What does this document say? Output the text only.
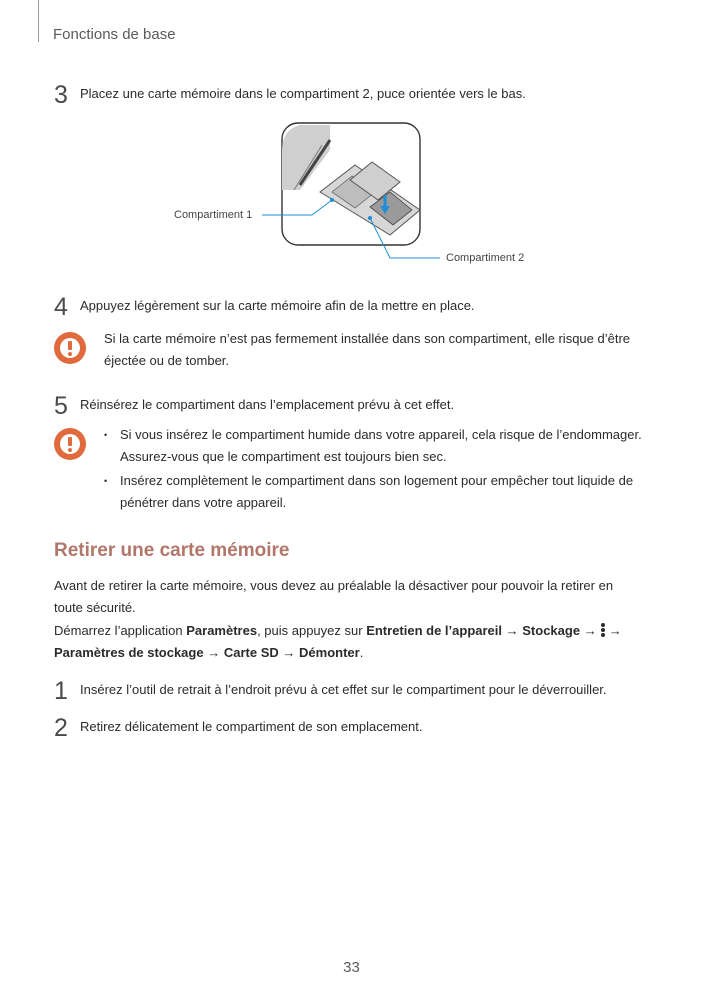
Fonctions de base
3 Placez une carte mémoire dans le compartiment 2, puce orientée vers le bas.
Compartiment 1
Compartiment 2
4 Appuyez légèrement sur la carte mémoire afin de la mettre en place.
Si la carte mémoire n’est pas fermement installée dans son compartiment, elle risque d’être éjectée ou de tomber.
5 Réinsérez le compartiment dans l’emplacement prévu à cet effet.
• Si vous insérez le compartiment humide dans votre appareil, cela risque de l’endommager. Assurez-vous que le compartiment est toujours bien sec.
• Insérez complètement le compartiment dans son logement pour empêcher tout liquide de pénétrer dans votre appareil.
Retirer une carte mémoire
Avant de retirer la carte mémoire, vous devez au préalable la désactiver pour pouvoir la retirer en toute sécurité.
Démarrez l’application Paramètres, puis appuyez sur Entretien de l’appareil → Stockage → → Paramètres de stockage → Carte SD → Démonter.
1 Insérez l’outil de retrait à l’endroit prévu à cet effet sur le compartiment pour le déverrouiller.
2 Retirez délicatement le compartiment de son emplacement.
33
